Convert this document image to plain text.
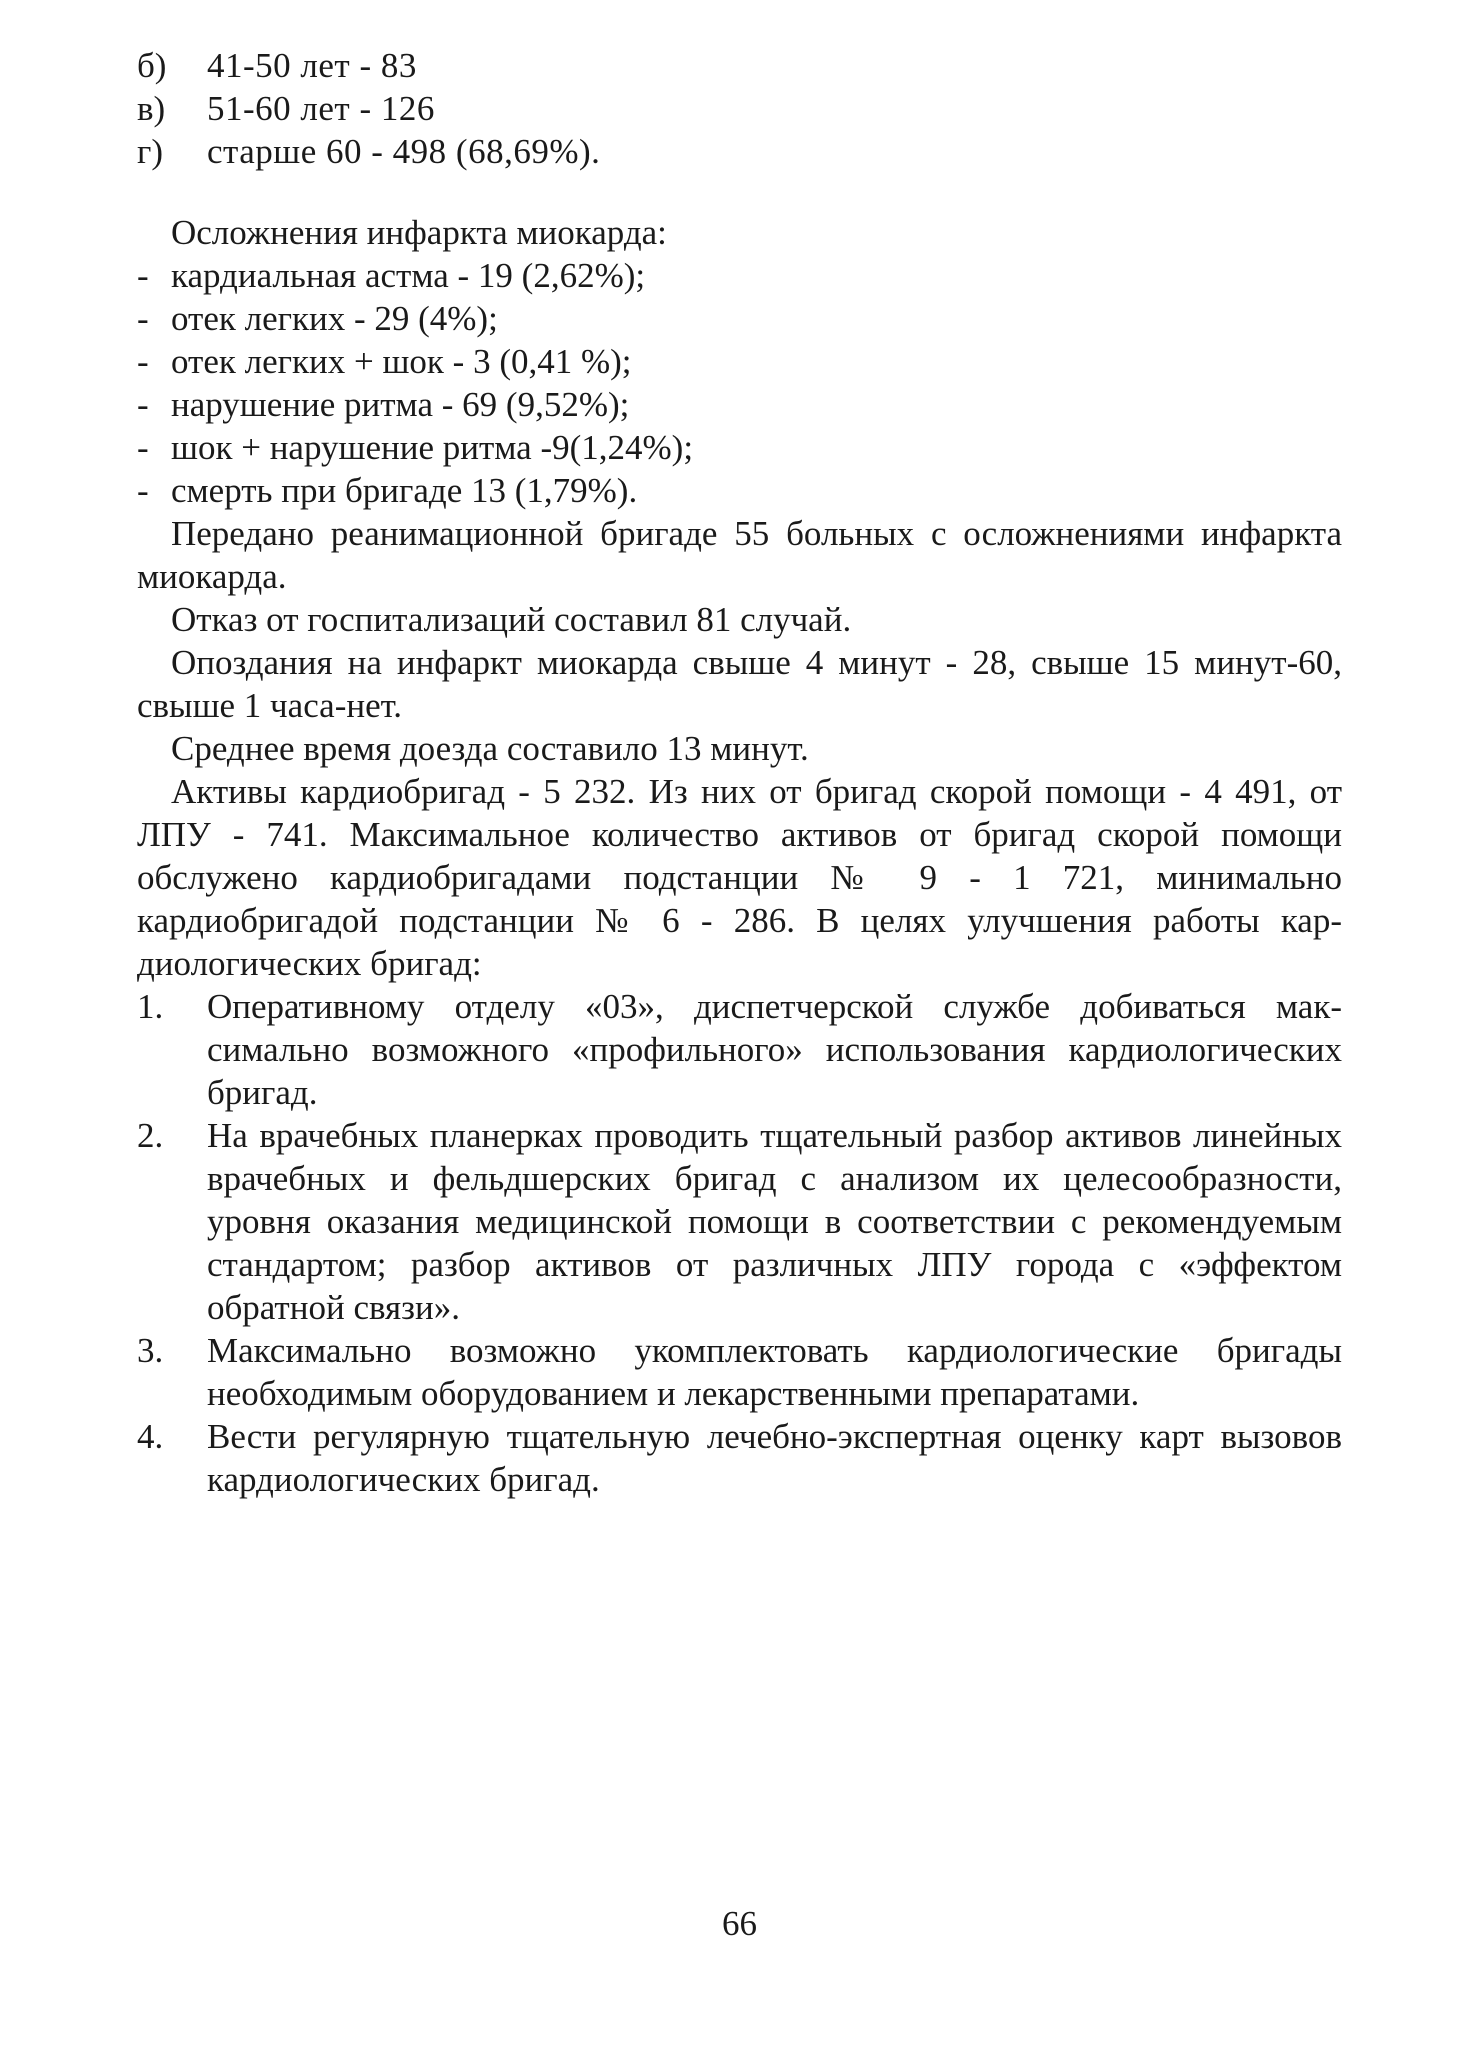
б)	41-50 лет - 83
в)	51-60 лет - 126
г)	старше 60 - 498 (68,69%).
Осложнения инфаркта миокарда:
- кардиальная астма - 19 (2,62%);
- отек легких - 29 (4%);
- отек легких + шок - 3 (0,41 %);
- нарушение ритма - 69 (9,52%);
- шок + нарушение ритма -9(1,24%);
- смерть при бригаде 13 (1,79%).

Передано реанимационной бригаде 55 больных с осложнениями инфаркта миокарда.

Отказ от госпитализаций составил 81 случай.

Опоздания на инфаркт миокарда свыше 4 минут - 28, свыше 15 минут-60, свыше 1 часа-нет.

Среднее время доезда составило 13 минут.

Активы кардиобригад - 5 232. Из них от бригад скорой помощи - 4 491, от ЛПУ - 741. Максимальное количество активов от бригад скорой помощи обслужено кардиобригадами подстанции № 9 - 1 721, минимально кардиобригадой подстанции № 6 - 286. В целях улучшения работы кардиологических бригад:

1.	Оперативному отделу «03», диспетчерской службе добиваться максимально возможного «профильного» использования кардиологических бригад.
2.	На врачебных планерках проводить тщательный разбор активов линейных врачебных и фельдшерских бригад с анализом их целесообразности, уровня оказания медицинской помощи в соответствии с рекомендуемым стандартом; разбор активов от различных ЛПУ города с «эффектом обратной связи».
3.	Максимально возможно укомплектовать кардиологические бригады необходимым оборудованием и лекарственными препаратами.
4.	Вести регулярную тщательную лечебно-экспертная оценку карт вызовов кардиологических бригад.
66
